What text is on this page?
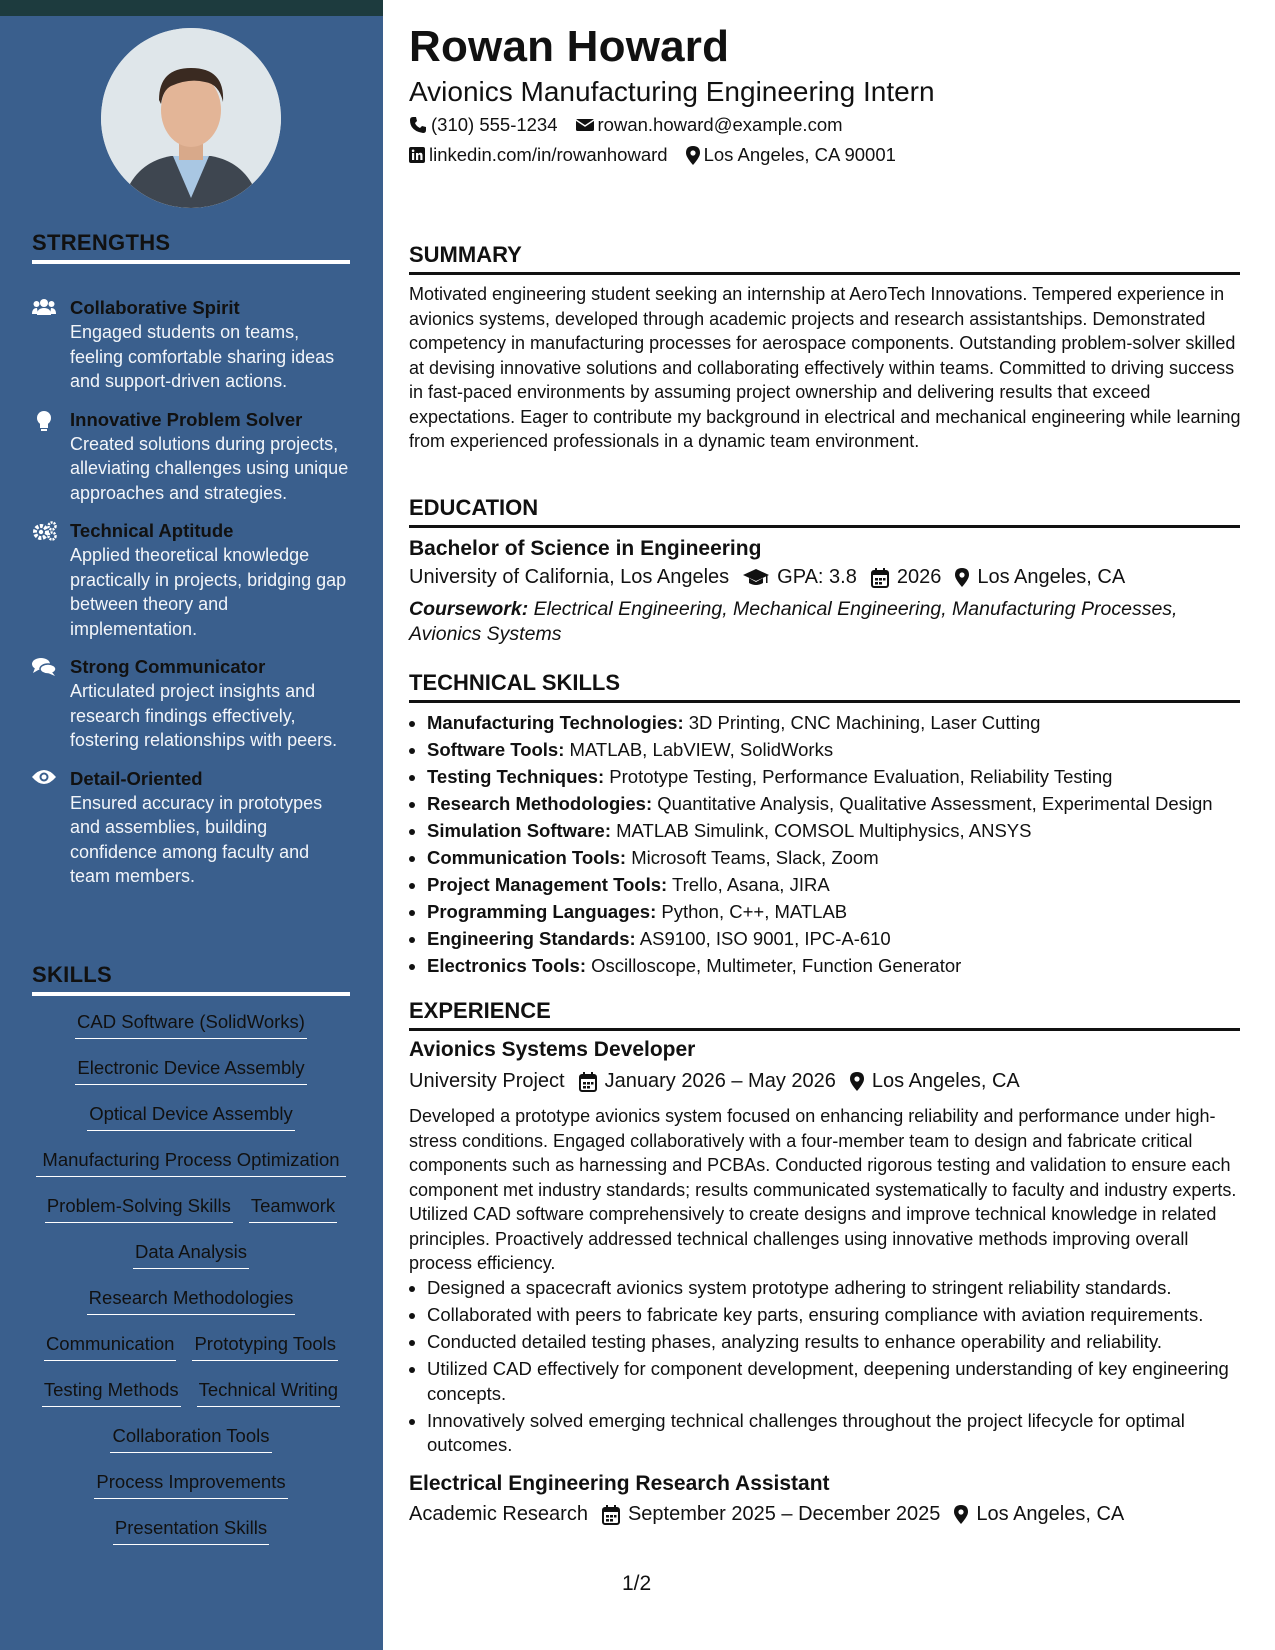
STRENGTHS
Collaborative Spirit
Engaged students on teams, feeling comfortable sharing ideas and support-driven actions.
Innovative Problem Solver
Created solutions during projects, alleviating challenges using unique approaches and strategies.
Technical Aptitude
Applied theoretical knowledge practically in projects, bridging gap between theory and implementation.
Strong Communicator
Articulated project insights and research findings effectively, fostering relationships with peers.
Detail-Oriented
Ensured accuracy in prototypes and assemblies, building confidence among faculty and team members.
SKILLS
CAD Software (SolidWorks)
Electronic Device Assembly
Optical Device Assembly
Manufacturing Process Optimization
Problem-Solving Skills Teamwork
Data Analysis
Research Methodologies
Communication Prototyping Tools
Testing Methods Technical Writing
Collaboration Tools
Process Improvements
Presentation Skills
Rowan Howard
Avionics Manufacturing Engineering Intern
(310) 555-1234 rowan.howard@example.com
linkedin.com/in/rowanhoward Los Angeles, CA 90001
SUMMARY
Motivated engineering student seeking an internship at AeroTech Innovations. Tempered experience in avionics systems, developed through academic projects and research assistantships. Demonstrated competency in manufacturing processes for aerospace components. Outstanding problem-solver skilled at devising innovative solutions and collaborating effectively within teams. Committed to driving success in fast-paced environments by assuming project ownership and delivering results that exceed expectations. Eager to contribute my background in electrical and mechanical engineering while learning from experienced professionals in a dynamic team environment.
EDUCATION
Bachelor of Science in Engineering
University of California, Los Angeles GPA: 3.8 2026 Los Angeles, CA
Coursework: Electrical Engineering, Mechanical Engineering, Manufacturing Processes, Avionics Systems
TECHNICAL SKILLS
• Manufacturing Technologies: 3D Printing, CNC Machining, Laser Cutting
• Software Tools: MATLAB, LabVIEW, SolidWorks
• Testing Techniques: Prototype Testing, Performance Evaluation, Reliability Testing
• Research Methodologies: Quantitative Analysis, Qualitative Assessment, Experimental Design
• Simulation Software: MATLAB Simulink, COMSOL Multiphysics, ANSYS
• Communication Tools: Microsoft Teams, Slack, Zoom
• Project Management Tools: Trello, Asana, JIRA
• Programming Languages: Python, C++, MATLAB
• Engineering Standards: AS9100, ISO 9001, IPC-A-610
• Electronics Tools: Oscilloscope, Multimeter, Function Generator
EXPERIENCE
Avionics Systems Developer
University Project January 2026 – May 2026 Los Angeles, CA
Developed a prototype avionics system focused on enhancing reliability and performance under high-stress conditions. Engaged collaboratively with a four-member team to design and fabricate critical components such as harnessing and PCBAs. Conducted rigorous testing and validation to ensure each component met industry standards; results communicated systematically to faculty and industry experts. Utilized CAD software comprehensively to create designs and improve technical knowledge in related principles. Proactively addressed technical challenges using innovative methods improving overall process efficiency.
• Designed a spacecraft avionics system prototype adhering to stringent reliability standards.
• Collaborated with peers to fabricate key parts, ensuring compliance with aviation requirements.
• Conducted detailed testing phases, analyzing results to enhance operability and reliability.
• Utilized CAD effectively for component development, deepening understanding of key engineering concepts.
• Innovatively solved emerging technical challenges throughout the project lifecycle for optimal outcomes.
Electrical Engineering Research Assistant
Academic Research September 2025 – December 2025 Los Angeles, CA
1/2
